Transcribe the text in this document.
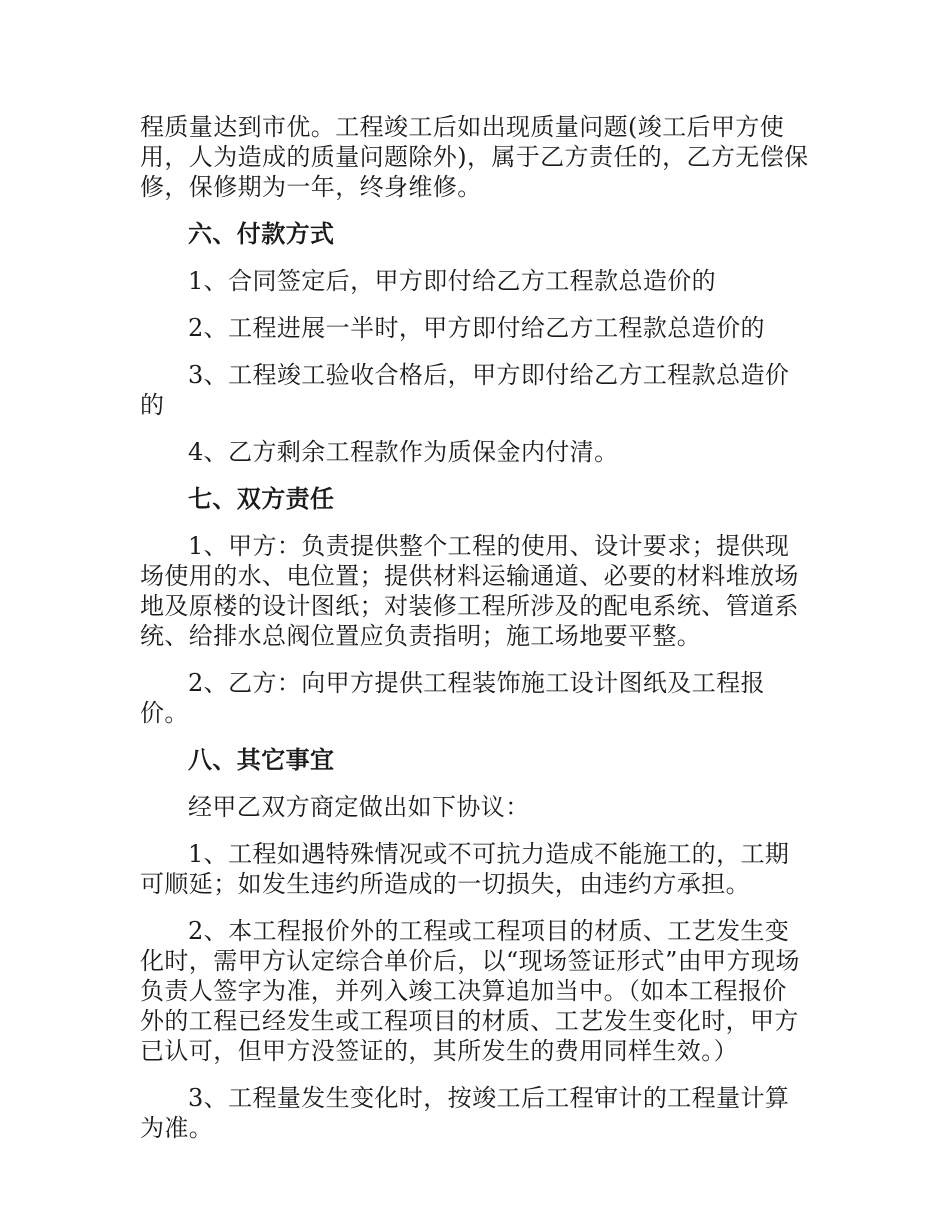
程质量达到市优。工程竣工后如出现质量问题(竣工后甲方使用，人为造成的质量问题除外)，属于乙方责任的，乙方无偿保修，保修期为一年，终身维修。

六、付款方式

1、合同签定后，甲方即付给乙方工程款总造价的

2、工程进展一半时，甲方即付给乙方工程款总造价的

3、工程竣工验收合格后，甲方即付给乙方工程款总造价的

4、乙方剩余工程款作为质保金内付清。

七、双方责任

1、甲方：负责提供整个工程的使用、设计要求；提供现场使用的水、电位置；提供材料运输通道、必要的材料堆放场地及原楼的设计图纸；对装修工程所涉及的配电系统、管道系统、给排水总阀位置应负责指明；施工场地要平整。

2、乙方：向甲方提供工程装饰施工设计图纸及工程报价。

八、其它事宜

经甲乙双方商定做出如下协议：

1、工程如遇特殊情况或不可抗力造成不能施工的，工期可顺延；如发生违约所造成的一切损失，由违约方承担。

2、本工程报价外的工程或工程项目的材质、工艺发生变化时，需甲方认定综合单价后，以“现场签证形式”由甲方现场负责人签字为准，并列入竣工决算追加当中。（如本工程报价外的工程已经发生或工程项目的材质、工艺发生变化时，甲方已认可，但甲方没签证的，其所发生的费用同样生效。）

3、工程量发生变化时，按竣工后工程审计的工程量计算为准。
